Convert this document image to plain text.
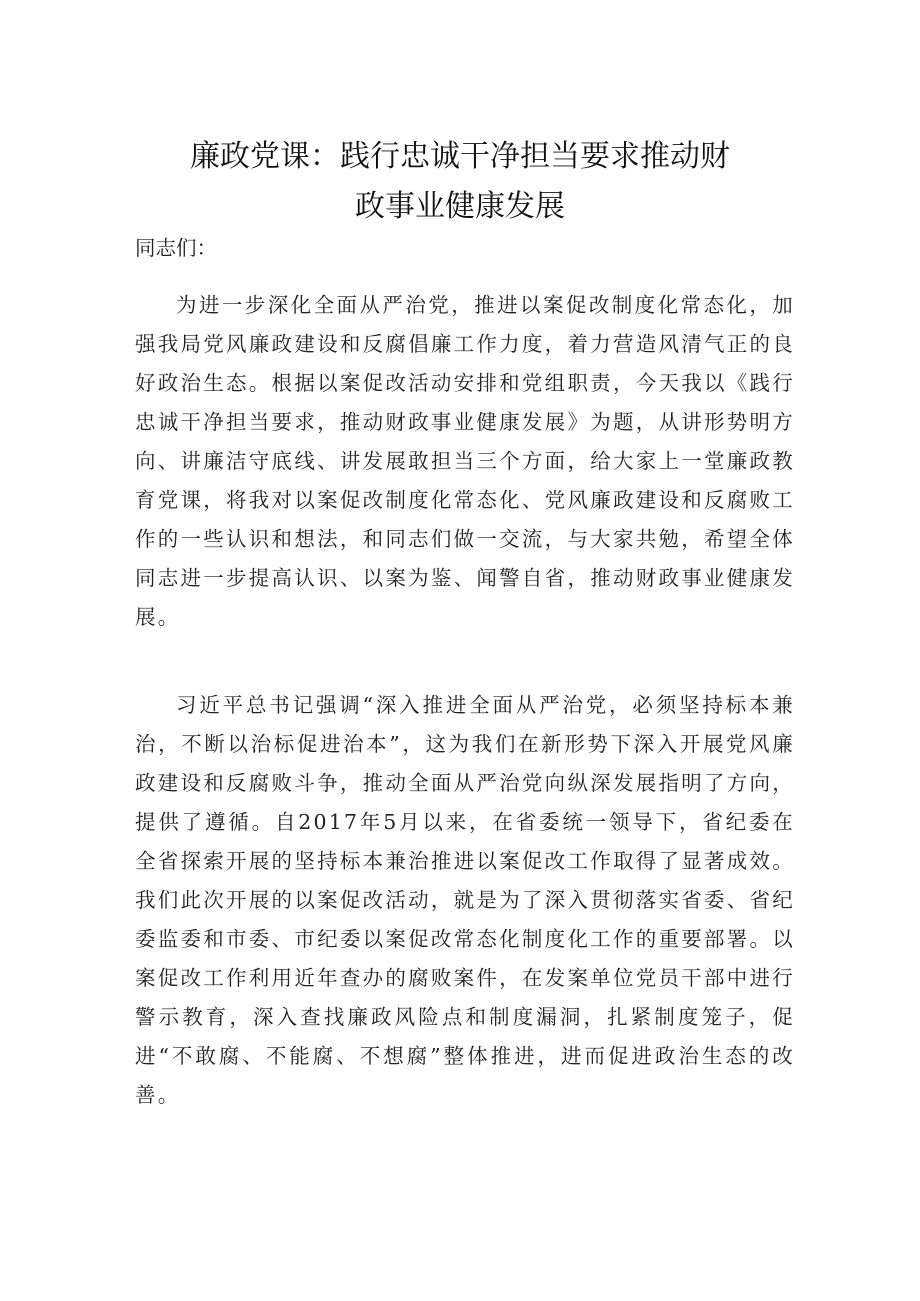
廉政党课：践行忠诚干净担当要求推动财
政事业健康发展

同志们：

为进一步深化全面从严治党，推进以案促改制度化常态化，加强我局党风廉政建设和反腐倡廉工作力度，着力营造风清气正的良好政治生态。根据以案促改活动安排和党组职责，今天我以《践行忠诚干净担当要求，推动财政事业健康发展》为题，从讲形势明方向、讲廉洁守底线、讲发展敢担当三个方面，给大家上一堂廉政教育党课，将我对以案促改制度化常态化、党风廉政建设和反腐败工作的一些认识和想法，和同志们做一交流，与大家共勉，希望全体同志进一步提高认识、以案为鉴、闻警自省，推动财政事业健康发展。

习近平总书记强调“深入推进全面从严治党，必须坚持标本兼治，不断以治标促进治本”，这为我们在新形势下深入开展党风廉政建设和反腐败斗争，推动全面从严治党向纵深发展指明了方向，提供了遵循。自2017年5月以来，在省委统一领导下，省纪委在全省探索开展的坚持标本兼治推进以案促改工作取得了显著成效。我们此次开展的以案促改活动，就是为了深入贯彻落实省委、省纪委监委和市委、市纪委以案促改常态化制度化工作的重要部署。以案促改工作利用近年查办的腐败案件，在发案单位党员干部中进行警示教育，深入查找廉政风险点和制度漏洞，扎紧制度笼子，促进“不敢腐、不能腐、不想腐”整体推进，进而促进政治生态的改善。
